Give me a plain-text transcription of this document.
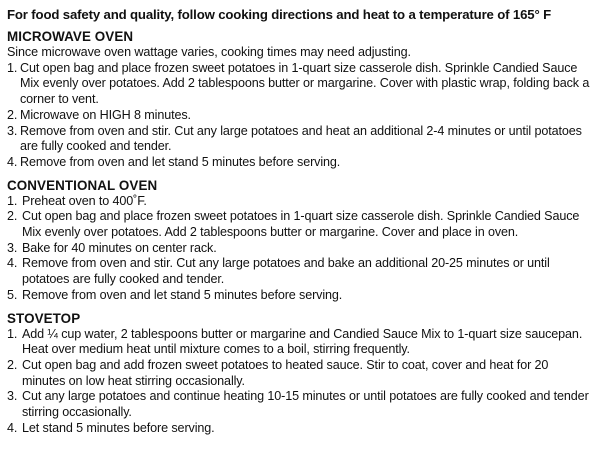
For food safety and quality, follow cooking directions and heat to a temperature of 165° F

MICROWAVE OVEN

Since microwave oven wattage varies, cooking times may need adjusting.

1. Cut open bag and place frozen sweet potatoes in 1-quart size casserole dish. Sprinkle Candied Sauce Mix evenly over potatoes. Add 2 tablespoons butter or margarine. Cover with plastic wrap, folding back a corner to vent.
2. Microwave on HIGH 8 minutes.
3. Remove from oven and stir. Cut any large potatoes and heat an additional 2-4 minutes or until potatoes are fully cooked and tender.
4. Remove from oven and let stand 5 minutes before serving.
CONVENTIONAL OVEN
1. Preheat oven to 400˚F.
2. Cut open bag and place frozen sweet potatoes in 1-quart size casserole dish. Sprinkle Candied Sauce Mix evenly over potatoes. Add 2 tablespoons butter or margarine. Cover and place in oven.
3. Bake for 40 minutes on center rack.
4. Remove from oven and stir. Cut any large potatoes and bake an additional 20-25 minutes or until potatoes are fully cooked and tender.
5. Remove from oven and let stand 5 minutes before serving.
STOVETOP
1. Add ¼ cup water, 2 tablespoons butter or margarine and Candied Sauce Mix to 1-quart size saucepan. Heat over medium heat until mixture comes to a boil, stirring frequently.
2. Cut open bag and add frozen sweet potatoes to heated sauce. Stir to coat, cover and heat for 20 minutes on low heat stirring occasionally.
3. Cut any large potatoes and continue heating 10-15 minutes or until potatoes are fully cooked and tender stirring occasionally.
4. Let stand 5 minutes before serving.
